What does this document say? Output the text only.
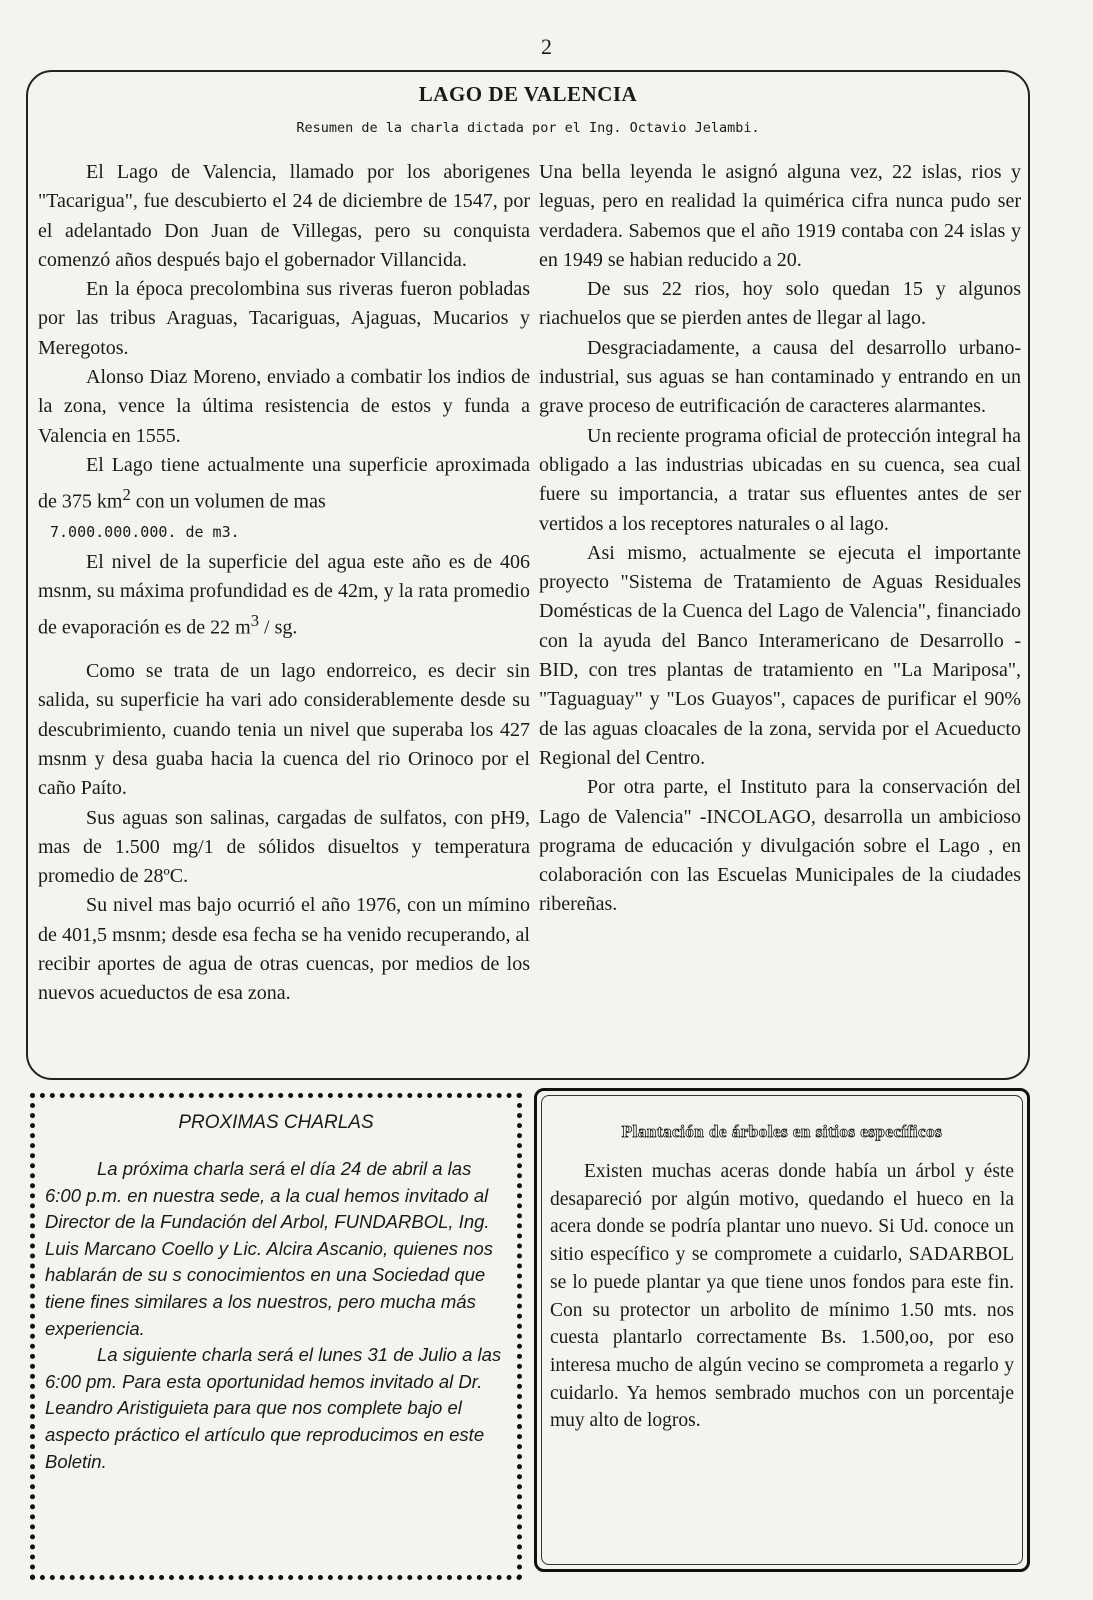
2
LAGO DE VALENCIA
Resumen de la charla dictada por el Ing. Octavio Jelambi.

El Lago de Valencia, llamado por los aborigenes "Tacarigua", fue descubierto el 24 de diciembre de 1547, por el adelantado Don Juan de Villegas, pero su conquista comenzó años después bajo el gobernador Villancida.

En la época precolombina sus riveras fueron pobladas por las tribus Araguas, Tacariguas, Ajaguas, Mucarios y Meregotos.

Alonso Diaz Moreno, enviado a combatir los indios de la zona, vence la última resistencia de estos y funda a Valencia en 1555.

El Lago tiene actualmente una superficie aproximada de 375 $km^2$ con un volumen de mas

7.000.000.000. de m3.

El nivel de la superficie del agua este año es de 406 msnm, su máxima profundidad es de 42m, y la rata promedio de evaporación es de 22 $m^3$ / sg.

Como se trata de un lago endorreico, es decir sin salida, su superficie ha vari ado considerablemente desde su descubrimiento, cuando tenia un nivel que superaba los 427 msnm y desa guaba hacia la cuenca del rio Orinoco por el caño Paíto.

Sus aguas son salinas, cargadas de sulfatos, con pH9, mas de 1.500 mg/1 de sólidos disueltos y temperatura promedio de 28ºC.

Su nivel mas bajo ocurrió el año 1976, con un mímino de 401,5 msnm; desde esa fecha se ha venido recuperando, al recibir aportes de agua de otras cuencas, por medios de los nuevos acueductos de esa zona.

Una bella leyenda le asignó alguna vez, 22 islas, rios y leguas, pero en realidad la quimérica cifra nunca pudo ser verdadera. Sabemos que el año 1919 contaba con 24 islas y en 1949 se habian reducido a 20.

De sus 22 rios, hoy solo quedan 15 y algunos riachuelos que se pierden antes de llegar al lago.

Desgraciadamente, a causa del desarrollo urbano-industrial, sus aguas se han contaminado y entrando en un grave proceso de eutrificación de caracteres alarmantes.

Un reciente programa oficial de protección integral ha obligado a las industrias ubicadas en su cuenca, sea cual fuere su importancia, a tratar sus efluentes antes de ser vertidos a los receptores naturales o al lago.

Asi mismo, actualmente se ejecuta el importante proyecto "Sistema de Tratamiento de Aguas Residuales Domésticas de la Cuenca del Lago de Valencia", financiado con la ayuda del Banco Interamericano de Desarrollo - BID, con tres plantas de tratamiento en "La Mariposa", "Taguaguay" y "Los Guayos", capaces de purificar el 90% de las aguas cloacales de la zona, servida por el Acueducto Regional del Centro.

Por otra parte, el Instituto para la conservación del Lago de Valencia" -INCOLAGO, desarrolla un ambicioso programa de educación y divulgación sobre el Lago , en colaboración con las Escuelas Municipales de la ciudades ribereñas.

PROXIMAS CHARLAS

La próxima charla será el día 24 de abril a las 6:00 p.m. en nuestra sede, a la cual hemos invitado al Director de la Fundación del Arbol, FUNDARBOL, Ing. Luis Marcano Coello y Lic. Alcira Ascanio, quienes nos hablarán de su s conocimientos en una Sociedad que tiene fines similares a los nuestros, pero mucha más experiencia.

La siguiente charla será el lunes 31 de Julio a las 6:00 pm. Para esta oportunidad hemos invitado al Dr. Leandro Aristiguieta para que nos complete bajo el aspecto práctico el artículo que reproducimos en este Boletin.

Plantación de árboles en sitios específicos

Existen muchas aceras donde había un árbol y éste desapareció por algún motivo, quedando el hueco en la acera donde se podría plantar uno nuevo. Si Ud. conoce un sitio específico y se compromete a cuidarlo, SADARBOL se lo puede plantar ya que tiene unos fondos para este fin. Con su protector un arbolito de mínimo 1.50 mts. nos cuesta plantarlo correctamente Bs. 1.500,oo, por eso interesa mucho de algún vecino se comprometa a regarlo y cuidarlo. Ya hemos sembrado muchos con un porcentaje muy alto de logros.
